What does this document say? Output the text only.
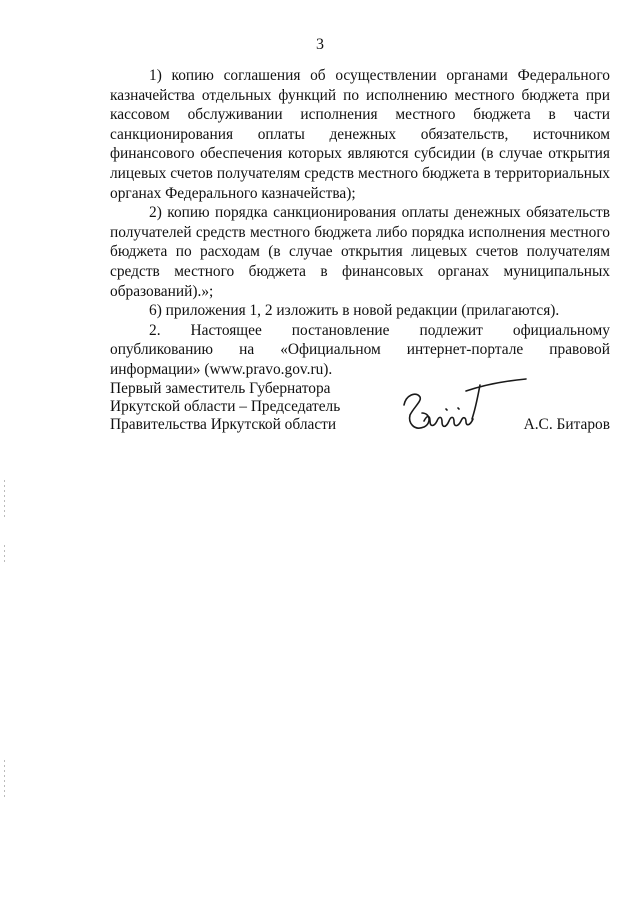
3

1) копию соглашения об осуществлении органами Федерального казначейства отдельных функций по исполнению местного бюджета при кассовом обслуживании исполнения местного бюджета в части санкционирования оплаты денежных обязательств, источником финансового обеспечения которых являются субсидии (в случае открытия лицевых счетов получателям средств местного бюджета в территориальных органах Федерального казначейства);

2) копию порядка санкционирования оплаты денежных обязательств получателей средств местного бюджета либо порядка исполнения местного бюджета по расходам (в случае открытия лицевых счетов получателям средств местного бюджета в финансовых органах муниципальных образований).»;

6) приложения 1, 2 изложить в новой редакции (прилагаются).

2. Настоящее постановление подлежит официальному опубликованию на «Официальном интернет-портале правовой информации» (www.pravo.gov.ru).

Первый заместитель Губернатора
Иркутской области – Председатель
Правительства Иркутской области	А.С. Битаров
